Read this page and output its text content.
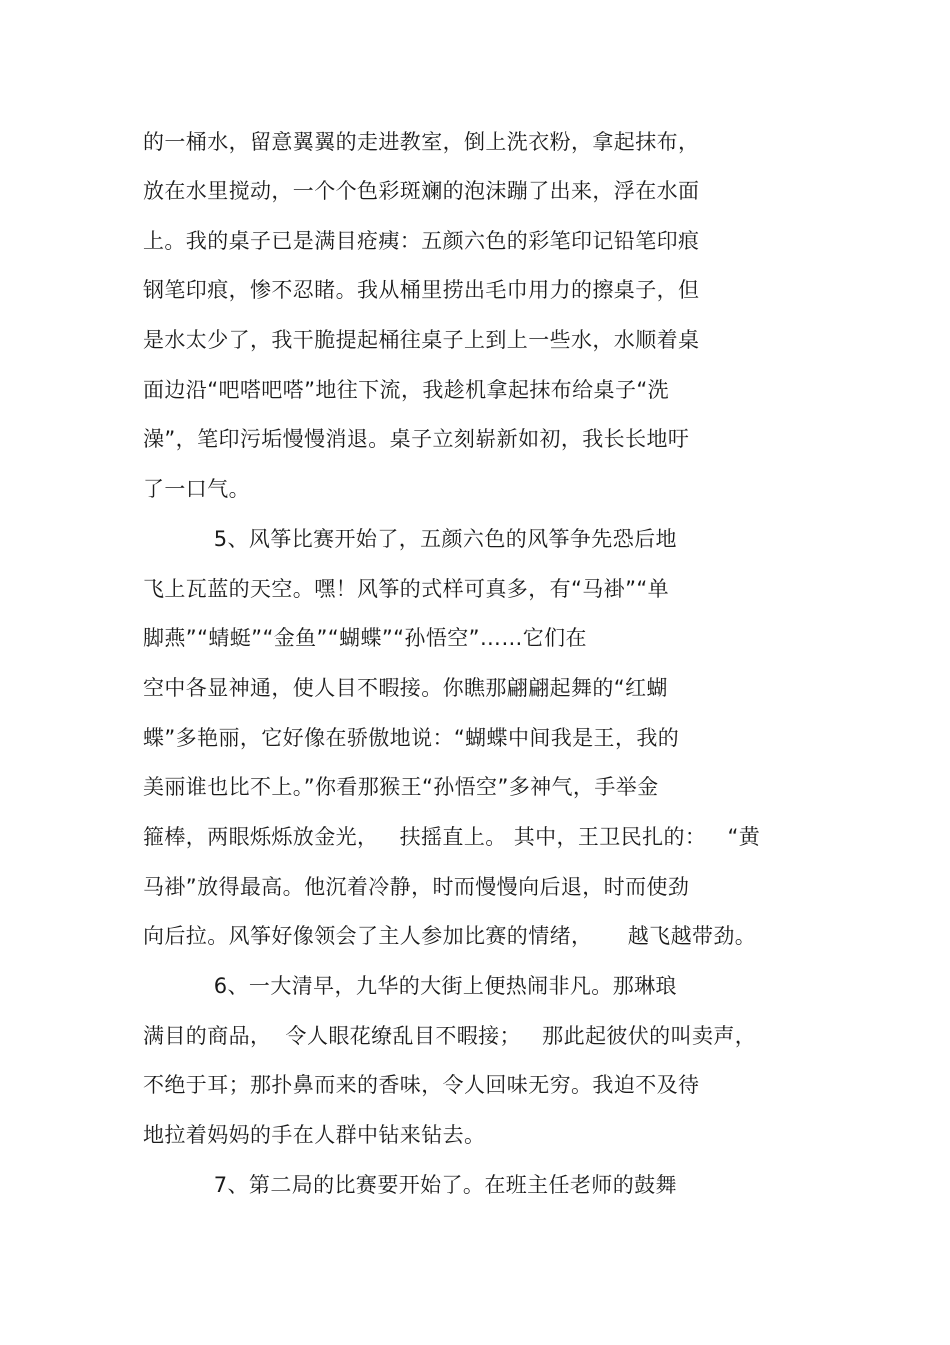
的一桶水，留意翼翼的走进教室，倒上洗衣粉，拿起抹布，
放在水里搅动，一个个色彩斑斓的泡沫蹦了出来，浮在水面
上。我的桌子已是满目疮痍：五颜六色的彩笔印记铅笔印痕
钢笔印痕，惨不忍睹。我从桶里捞出毛巾用力的擦桌子，但
是水太少了，我干脆提起桶往桌子上到上一些水，水顺着桌
面边沿“吧嗒吧嗒”地往下流，我趁机拿起抹布给桌子“洗
澡”，笔印污垢慢慢消退。桌子立刻崭新如初，我长长地吁
了一口气。
5、风筝比赛开始了，五颜六色的风筝争先恐后地
飞上瓦蓝的天空。嘿！风筝的式样可真多，有“马褂”“单
脚燕”“蜻蜓”“金鱼”“蝴蝶”“孙悟空”……它们在
空中各显神通，使人目不暇接。你瞧那翩翩起舞的“红蝴
蝶”多艳丽，它好像在骄傲地说：“蝴蝶中间我是王，我的
美丽谁也比不上。”你看那猴王“孙悟空”多神气，手举金
箍棒，两眼烁烁放金光，   扶摇直上。 其中，王卫民扎的：   “黄
马褂”放得最高。他沉着冷静，时而慢慢向后退，时而使劲
向后拉。风筝好像领会了主人参加比赛的情绪，     越飞越带劲。
6、一大清早，九华的大街上便热闹非凡。那琳琅
满目的商品，  令人眼花缭乱目不暇接；   那此起彼伏的叫卖声，
不绝于耳；那扑鼻而来的香味，令人回味无穷。我迫不及待
地拉着妈妈的手在人群中钻来钻去。
7、第二局的比赛要开始了。在班主任老师的鼓舞
